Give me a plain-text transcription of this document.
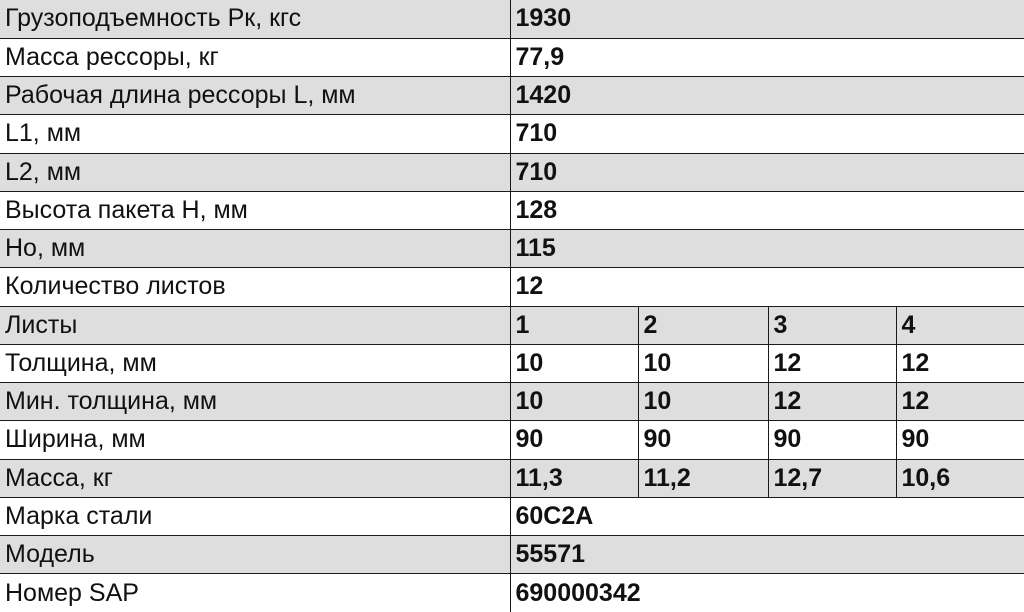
Грузоподъемность Рк, кгс	1930			
Масса рессоры, кг	77,9			
Рабочая длина рессоры L, мм	1420			
L1, мм	710			
L2, мм	710			
Высота пакета H, мм	128			
Ho, мм	115			
Количество листов	12			
Листы	1	2	3	4
Толщина, мм	10	10	12	12
Мин. толщина, мм	10	10	12	12
Ширина, мм	90	90	90	90
Масса, кг	11,3	11,2	12,7	10,6
Марка стали	60С2А			
Модель	55571			
Номер SAP	690000342			
